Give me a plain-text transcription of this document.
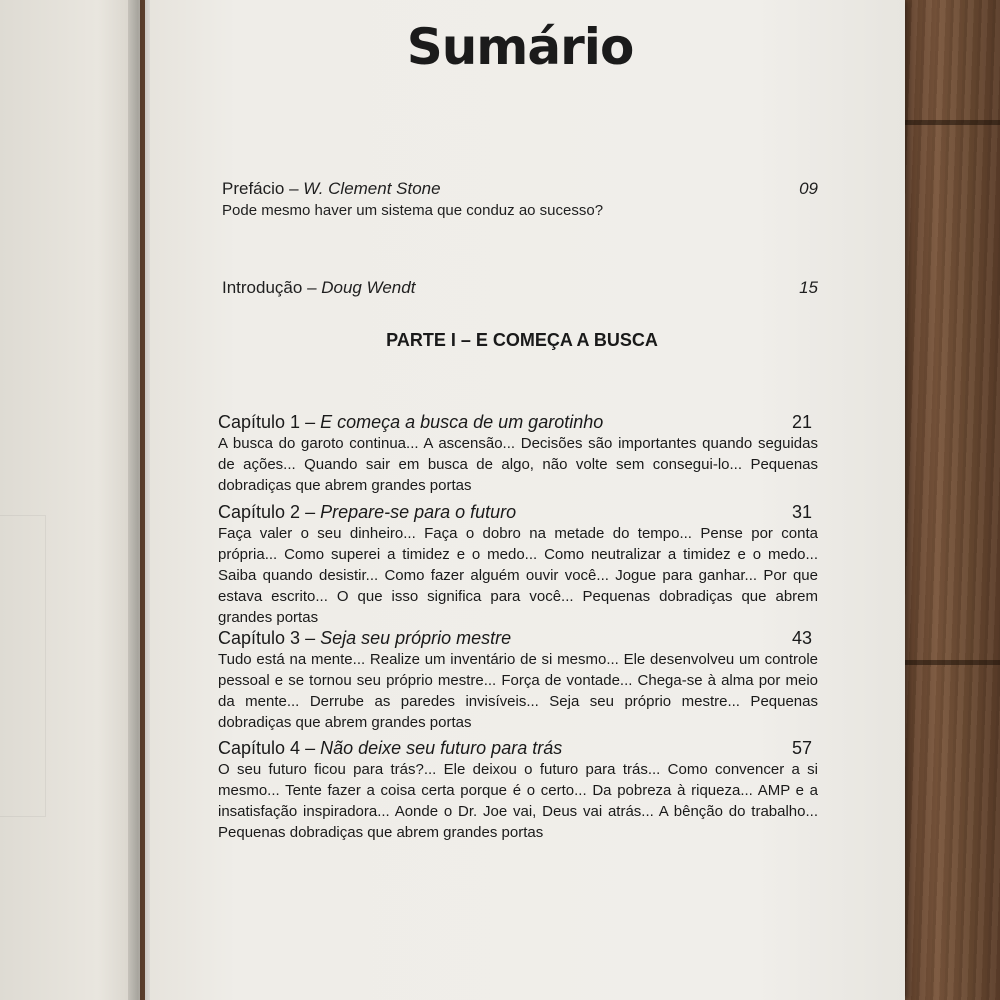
Sumário
Prefácio – W. Clement Stone	09
Pode mesmo haver um sistema que conduz ao sucesso?
Introdução – Doug Wendt	15
PARTE I – E COMEÇA A BUSCA
Capítulo 1 – E começa a busca de um garotinho	21
A busca do garoto continua... A ascensão... Decisões são importantes quando seguidas de ações... Quando sair em busca de algo, não volte sem consegui-lo... Pequenas dobradiças que abrem grandes portas
Capítulo 2 – Prepare-se para o futuro	31
Faça valer o seu dinheiro... Faça o dobro na metade do tempo... Pense por conta própria... Como superei a timidez e o medo... Como neutralizar a timidez e o medo... Saiba quando desistir... Como fazer alguém ouvir você... Jogue para ganhar... Por que estava escrito... O que isso significa para você... Pequenas dobradiças que abrem grandes portas
Capítulo 3 – Seja seu próprio mestre	43
Tudo está na mente... Realize um inventário de si mesmo... Ele desenvolveu um controle pessoal e se tornou seu próprio mestre... Força de vontade... Chega-se à alma por meio da mente... Derrube as paredes invisíveis... Seja seu próprio mestre... Pequenas dobradiças que abrem grandes portas
Capítulo 4 – Não deixe seu futuro para trás	57
O seu futuro ficou para trás?... Ele deixou o futuro para trás... Como convencer a si mesmo... Tente fazer a coisa certa porque é o certo... Da pobreza à riqueza... AMP e a insatisfação inspiradora... Aonde o Dr. Joe vai, Deus vai atrás... A bênção do trabalho... Pequenas dobradiças que abrem grandes portas
